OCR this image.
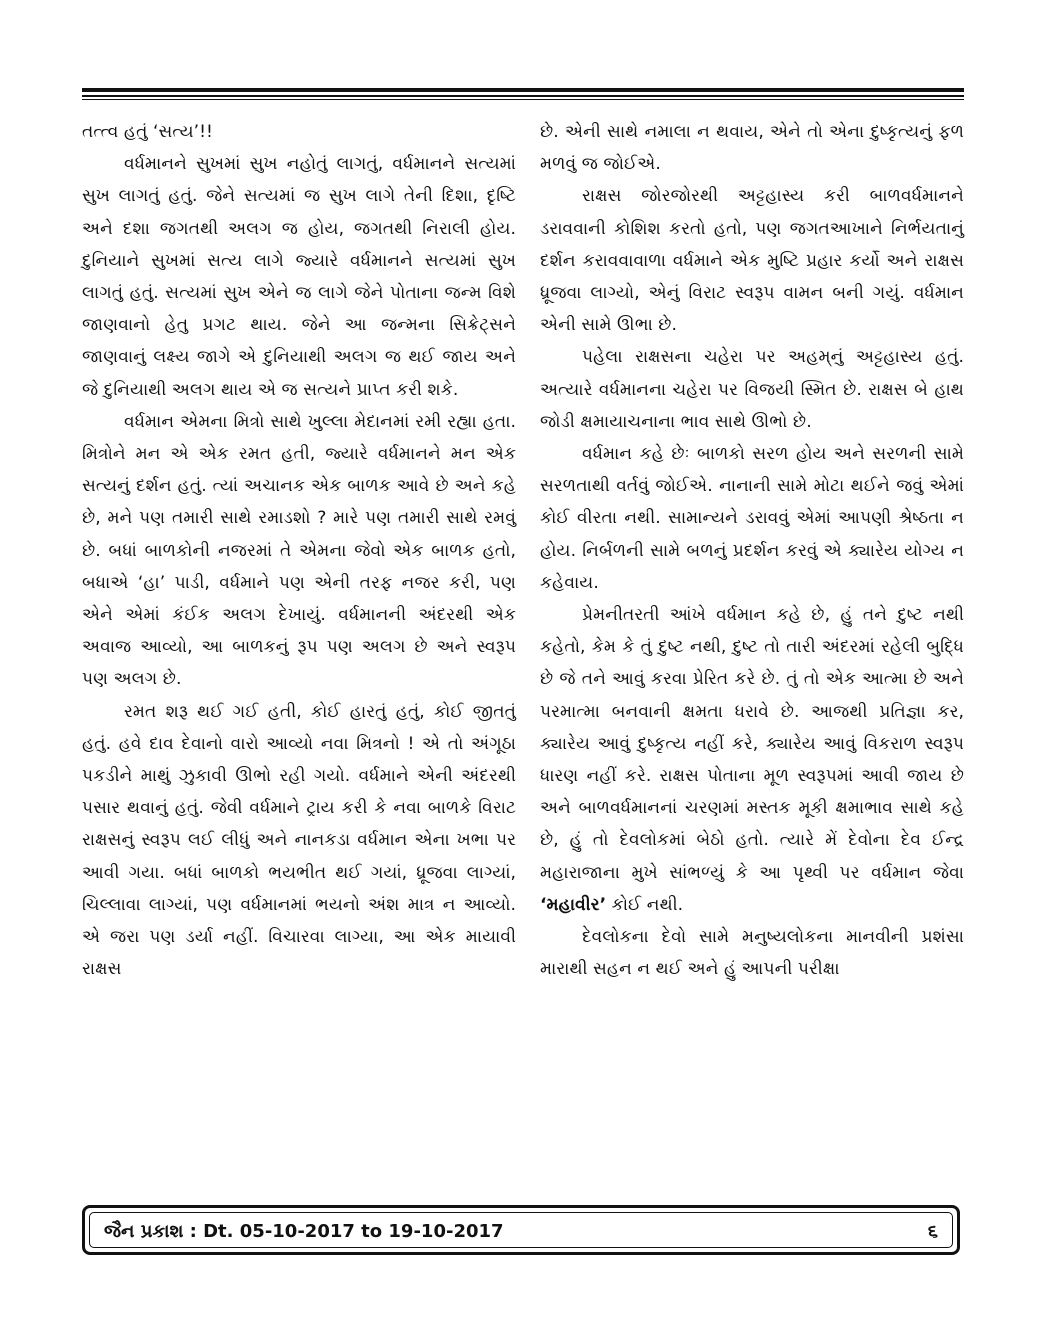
તત્ત્વ હતું ‘સત્ય’!!

વર્ધમાનને સુખમાં સુખ નહોતું લાગતું, વર્ધમાનને સત્યમાં સુખ લાગતું હતું. જેને સત્યમાં જ સુખ લાગે તેની દિશા, દૃષ્ટિ અને દશા જગતથી અલગ જ હોય, જગતથી નિરાલી હોય. દુનિયાને સુખમાં સત્ય લાગે જ્યારે વર્ધમાનને સત્યમાં સુખ લાગતું હતું. સત્યમાં સુખ એને જ લાગે જેને પોતાના જન્મ વિશે જાણવાનો હેતુ પ્રગટ થાય. જેને આ જન્મના સિક્રેટ્સને જાણવાનું લક્ષ્ય જાગે એ દુનિયાથી અલગ જ થઈ જાય અને જે દુનિયાથી અલગ થાય એ જ સત્યને પ્રાપ્ત કરી શકે.

વર્ધમાન એમના મિત્રો સાથે ખુલ્લા મેદાનમાં રમી રહ્યા હતા. મિત્રોને મન એ એક રમત હતી, જ્યારે વર્ધમાનને મન એક સત્યનું દર્શન હતું. ત્યાં અચાનક એક બાળક આવે છે અને કહે છે, મને પણ તમારી સાથે રમાડશો ? મારે પણ તમારી સાથે રમવું છે. બધાં બાળકોની નજરમાં તે એમના જેવો એક બાળક હતો, બધાએ ‘હા’ પાડી, વર્ધમાને પણ એની તરફ નજર કરી, પણ એને એમાં કંઈક અલગ દેખાયું. વર્ધમાનની અંદરથી એક અવાજ આવ્યો, આ બાળકનું રૂપ પણ અલગ છે અને સ્વરૂપ પણ અલગ છે.

રમત શરૂ થઈ ગઈ હતી, કોઈ હારતું હતું, કોઈ જીતતું હતું. હવે દાવ દેવાનો વારો આવ્યો નવા મિત્રનો ! એ તો અંગૂઠા પકડીને માથું ઝુકાવી ઊભો રહી ગયો. વર્ધમાને એની અંદરથી પસાર થવાનું હતું. જેવી વર્ધમાને ટ્રાય કરી કે નવા બાળકે વિરાટ રાક્ષસનું સ્વરૂપ લઈ લીધું અને નાનકડા વર્ધમાન એના ખભા પર આવી ગયા. બધાં બાળકો ભયભીત થઈ ગયાં, ધ્રૂજવા લાગ્યાં, ચિલ્લાવા લાગ્યાં, પણ વર્ધમાનમાં ભયનો અંશ માત્ર ન આવ્યો. એ જરા પણ ડર્યા નહીં. વિચારવા લાગ્યા, આ એક માયાવી રાક્ષસ

છે. એની સાથે નમાલા ન થવાય, એને તો એના દુષ્કૃત્યનું ફળ મળવું જ જોઈએ.

રાક્ષસ જોરજોરથી અટ્ટહાસ્ય કરી બાળવર્ધમાનને ડરાવવાની કોશિશ કરતો હતો, પણ જગતઆખાને નિર્ભયતાનું દર્શન કરાવવાવાળા વર્ધમાને એક મુષ્ટિ પ્રહાર કર્યો અને રાક્ષસ ધ્રૂજવા લાગ્યો, એનું વિરાટ સ્વરૂપ વામન બની ગયું. વર્ધમાન એની સામે ઊભા છે.

પહેલા રાક્ષસના ચહેરા પર અહમ્‌નું અટ્ટહાસ્ય હતું. અત્યારે વર્ધમાનના ચહેરા પર વિજયી સ્મિત છે. રાક્ષસ બે હાથ જોડી ક્ષમાયાચનાના ભાવ સાથે ઊભો છે.

વર્ધમાન કહે છેઃ બાળકો સરળ હોય અને સરળની સામે સરળતાથી વર્તવું જોઈએ. નાનાની સામે મોટા થઈને જવું એમાં કોઈ વીરતા નથી. સામાન્યને ડરાવવું એમાં આપણી શ્રેષ્ઠતા ન હોય. નિર્બળની સામે બળનું પ્રદર્શન કરવું એ ક્યારેય યોગ્ય ન કહેવાય.

પ્રેમનીતરતી આંખે વર્ધમાન કહે છે, હું તને દુષ્ટ નથી કહેતો, કેમ કે તું દુષ્ટ નથી, દુષ્ટ તો તારી અંદરમાં રહેલી બુદ્ધિ છે જે તને આવું કરવા પ્રેરિત કરે છે. તું તો એક આત્મા છે અને પરમાત્મા બનવાની ક્ષમતા ધરાવે છે. આજથી પ્રતિજ્ઞા કર, ક્યારેય આવું દુષ્કૃત્ય નહીં કરે, ક્યારેય આવું વિકરાળ સ્વરૂપ ધારણ નહીં કરે. રાક્ષસ પોતાના મૂળ સ્વરૂપમાં આવી જાય છે અને બાળવર્ધમાનનાં ચરણમાં મસ્તક મૂકી ક્ષમાભાવ સાથે કહે છે, હું તો દેવલોકમાં બેઠો હતો. ત્યારે મેં દેવોના દેવ ઈન્દ્ર મહારાજાના મુખે સાંભળ્યું કે આ પૃથ્વી પર વર્ધમાન જેવા ‘મહાવીર’ કોઈ નથી.

દેવલોકના દેવો સામે મનુષ્યલોકના માનવીની પ્રશંસા મારાથી સહન ન થઈ અને હું આપની પરીક્ષા

જૈન પ્રકાશ : Dt. 05-10-2017 to 19-10-2017	૬
